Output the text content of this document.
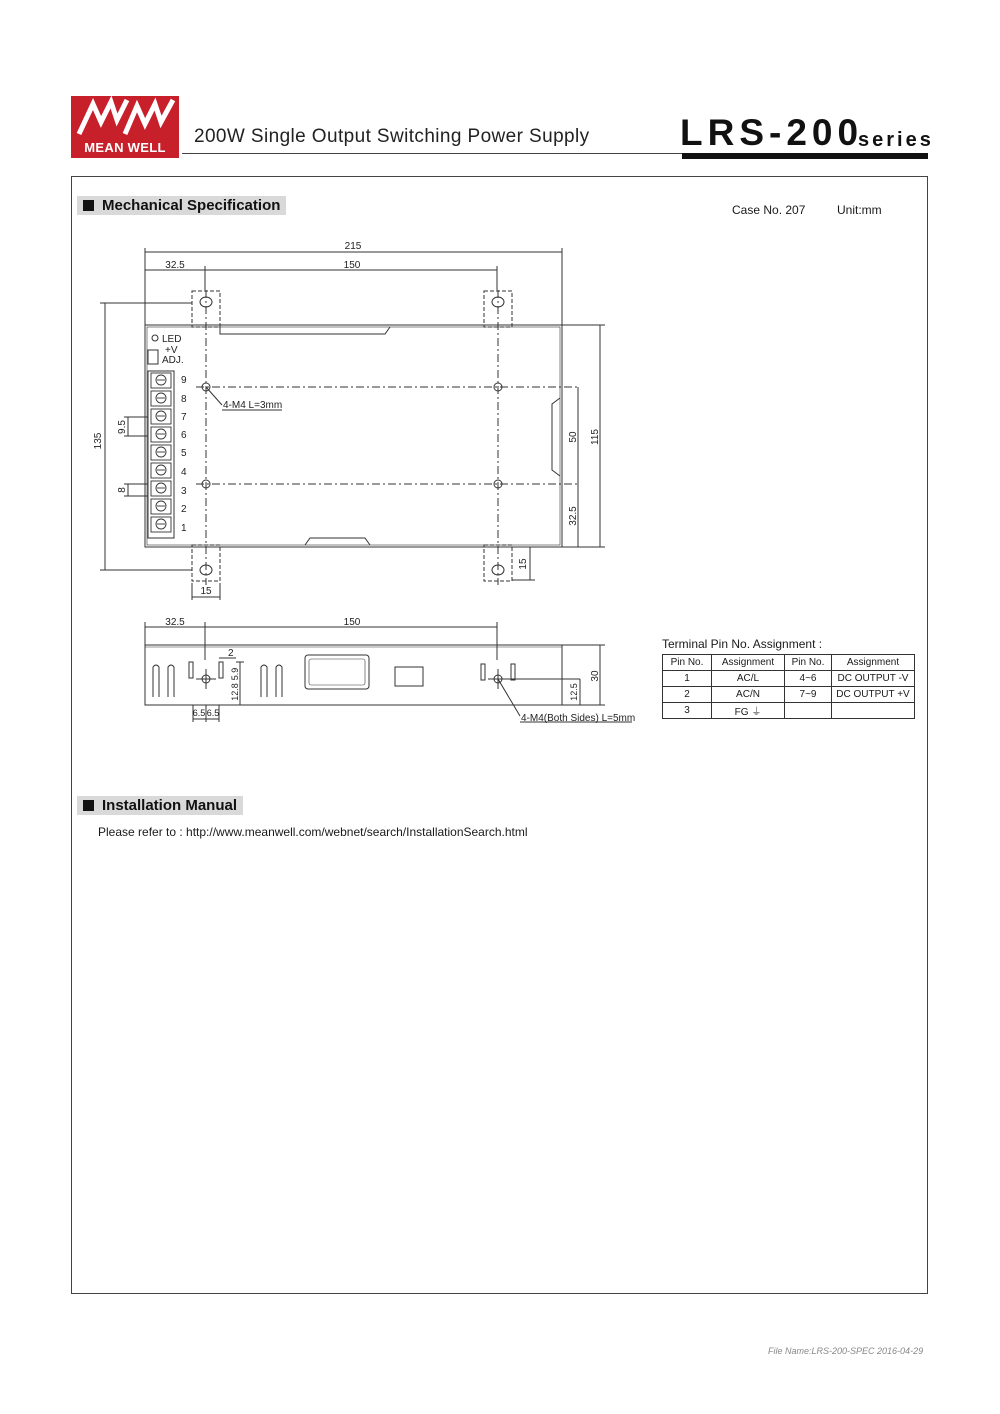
MEAN WELL
200W Single Output Switching Power Supply LRS-200
series
Mechanical Specification	Case No. 207	Unit:mm
215
32.5	150
135	50 115
32.5
15
15
9.5
8
LED
+V
ADJ.
4-M4 L=3mm
9
8
7
6
5
4
3
2
1
32.5	150
2
5.9
12.8
6.5 6.5
30
12.5
4-M4(Both Sides) L=5mm
Terminal Pin No. Assignment :
Pin No.	Assignment	Pin No.	Assignment
1	AC/L	4~6	DC OUTPUT -V
2	AC/N	7~9	DC OUTPUT +V
3	FG ⏚		
Installation Manual
Please refer to : http://www.meanwell.com/webnet/search/InstallationSearch.html
File Name:LRS-200-SPEC 2016-04-29
